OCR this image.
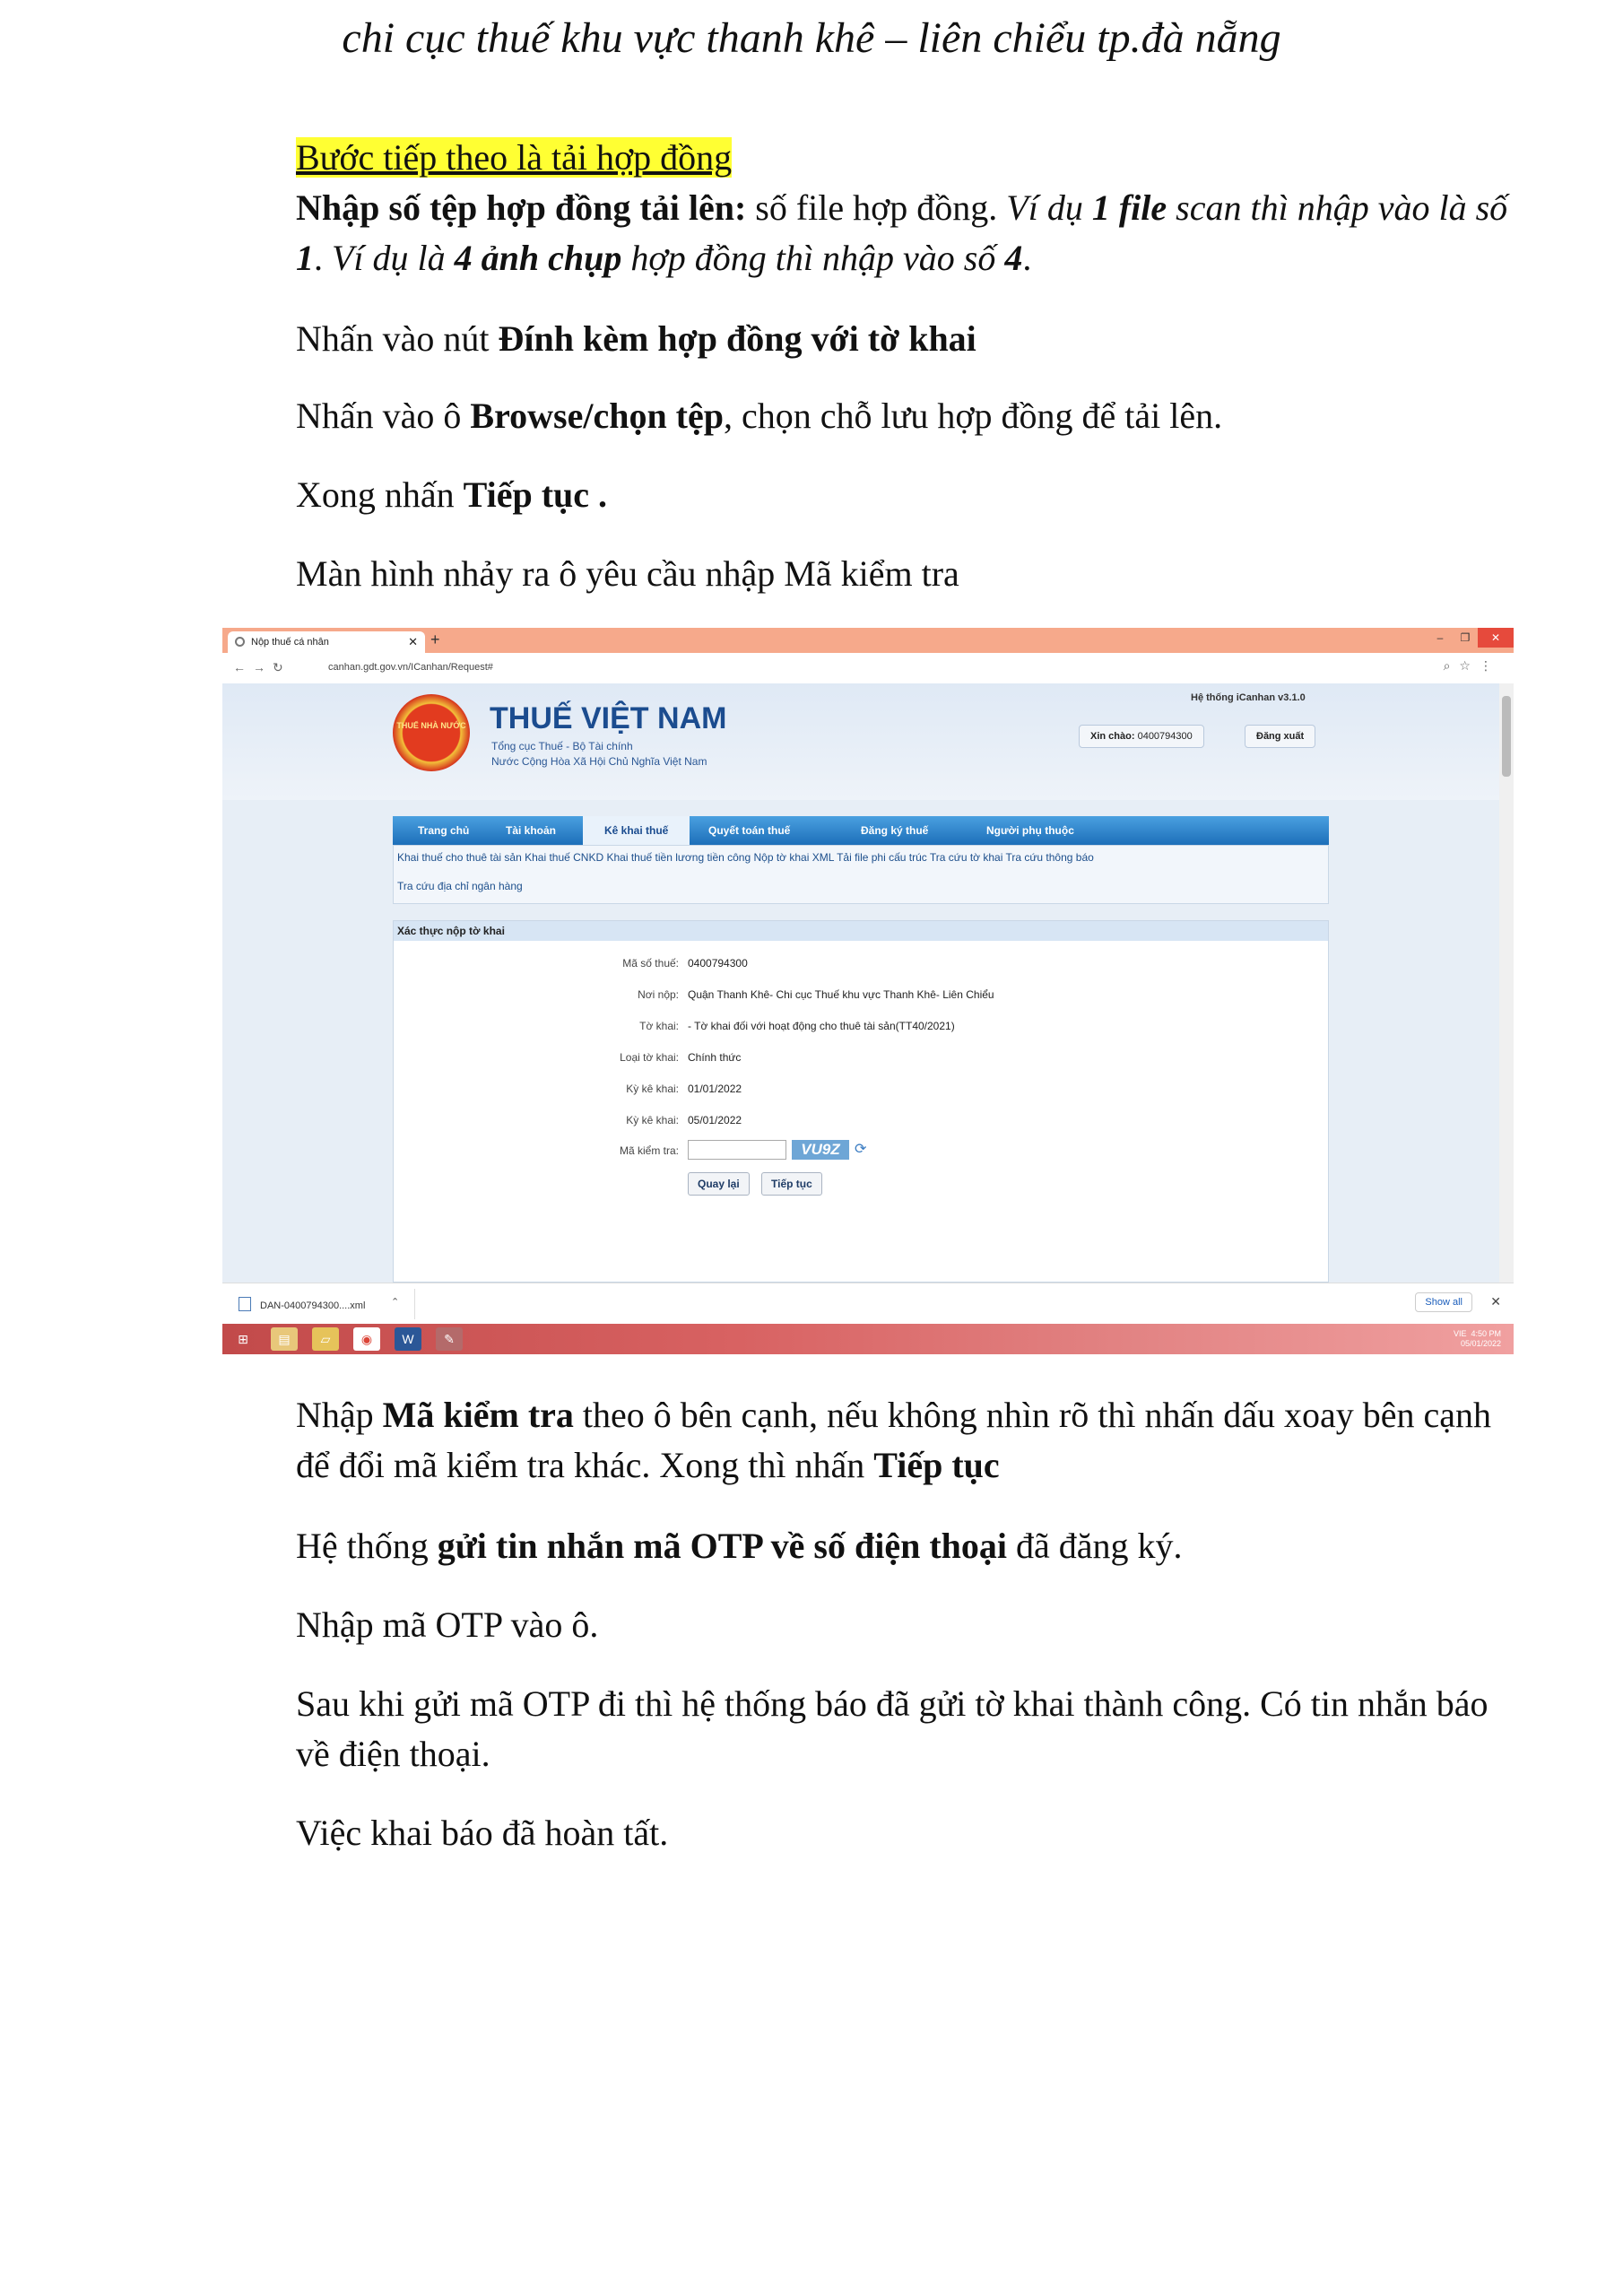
chi cục thuế khu vực thanh khê – liên chiểu tp.đà nẵng

Bước tiếp theo là tải hợp đồng

Nhập số tệp hợp đồng tải lên: số file hợp đồng. Ví dụ 1 file scan thì nhập vào là số 1. Ví dụ là 4 ảnh chụp hợp đồng thì nhập vào số 4.

Nhấn vào nút Đính kèm hợp đồng với tờ khai

Nhấn vào ô Browse/chọn tệp, chọn chỗ lưu hợp đồng để tải lên.

Xong nhấn Tiếp tục .

Màn hình nhảy ra ô yêu cầu nhập Mã kiểm tra

Nộp thuế cá nhân	✕ +	– ❐ ✕
←→↻	canhan.gdt.gov.vn/ICanhan/Request#	⌕☆⋮
THUẾ NHÀ NƯỚC THUẾ VIỆT NAM
Tổng cục Thuế - Bộ Tài chính
Nước Cộng Hòa Xã Hội Chủ Nghĩa Việt Nam
Hệ thống iCanhan v3.1.0
Xin chào: 0400794300	Đăng xuất
Trang chủ	Tài khoản	Kê khai thuế	Quyết toán thuế	Đăng ký thuế	Người phụ thuộc
Khai thuế cho thuê tài sản Khai thuế CNKD Khai thuế tiền lương tiền công Nộp tờ khai XML Tải file phi cấu trúc Tra cứu tờ khai Tra cứu thông báo
Tra cứu địa chỉ ngân hàng
Xác thực nộp tờ khai
Mã số thuế: 0400794300
Nơi nộp: Quận Thanh Khê- Chi cục Thuế khu vực Thanh Khê- Liên Chiểu
Tờ khai: - Tờ khai đối với hoạt động cho thuê tài sản(TT40/2021)
Loại tờ khai: Chính thức
Kỳ kê khai: 01/01/2022
Kỳ kê khai: 05/01/2022
Mã kiểm tra:	VU9Z	⟳
Quay lại	Tiếp tục
DAN-0400794300....xml	⌃	Show all	✕
⊞	▤	▱	◉	W	✎	VIE 4:50 PM
05/01/2022

Nhập Mã kiểm tra theo ô bên cạnh, nếu không nhìn rõ thì nhấn dấu xoay bên cạnh để đổi mã kiểm tra khác. Xong thì nhấn Tiếp tục

Hệ thống gửi tin nhắn mã OTP về số điện thoại đã đăng ký.

Nhập mã OTP vào ô.

Sau khi gửi mã OTP đi thì hệ thống báo đã gửi tờ khai thành công. Có tin nhắn báo về điện thoại.

Việc khai báo đã hoàn tất.
